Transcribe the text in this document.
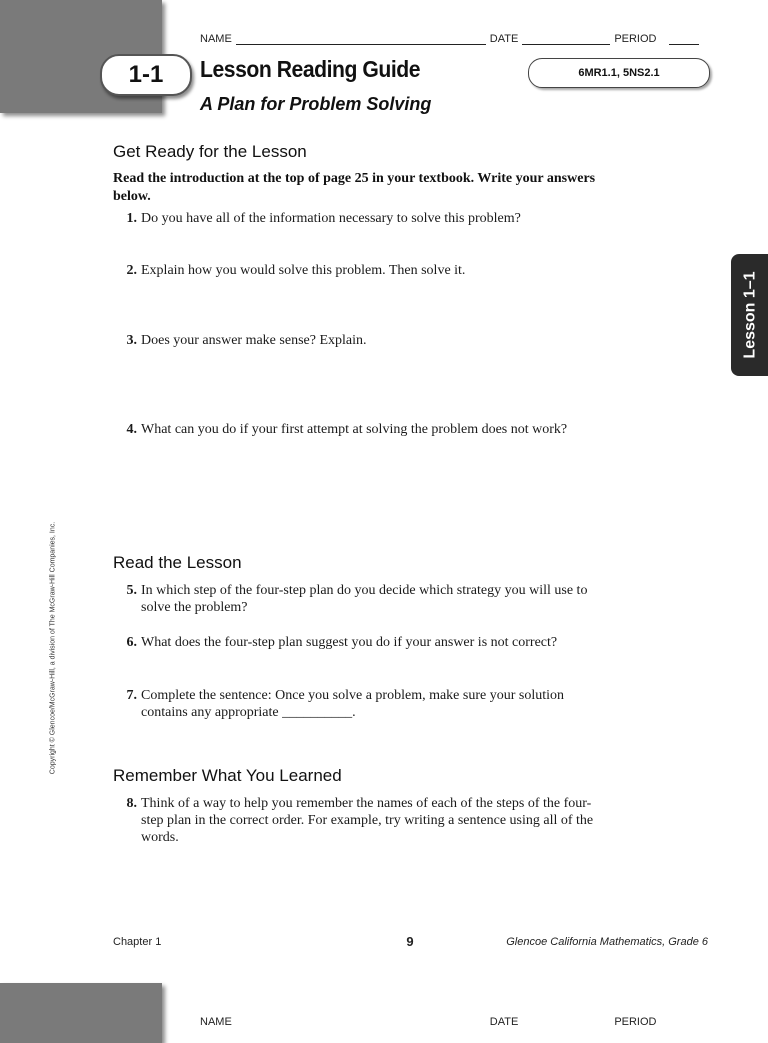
NAME	DATE	PERIOD
1-1 Lesson Reading Guide
A Plan for Problem Solving
6MR1.1, 5NS2.1
Get Ready for the Lesson
Read the introduction at the top of page 25 in your textbook. Write your answers below.
1. Do you have all of the information necessary to solve this problem?
2. Explain how you would solve this problem. Then solve it.
3. Does your answer make sense? Explain.
4. What can you do if your first attempt at solving the problem does not work?
Read the Lesson
5. In which step of the four-step plan do you decide which strategy you will use to solve the problem?
6. What does the four-step plan suggest you do if your answer is not correct?
7. Complete the sentence: Once you solve a problem, make sure your solution contains any appropriate __________.
Remember What You Learned
8. Think of a way to help you remember the names of each of the steps of the four-step plan in the correct order. For example, try writing a sentence using all of the words.
Lesson 1–1
Copyright © Glencoe/McGraw-Hill, a division of The McGraw-Hill Companies, Inc.
Chapter 1	9	Glencoe California Mathematics, Grade 6
NAME	DATE	PERIOD
